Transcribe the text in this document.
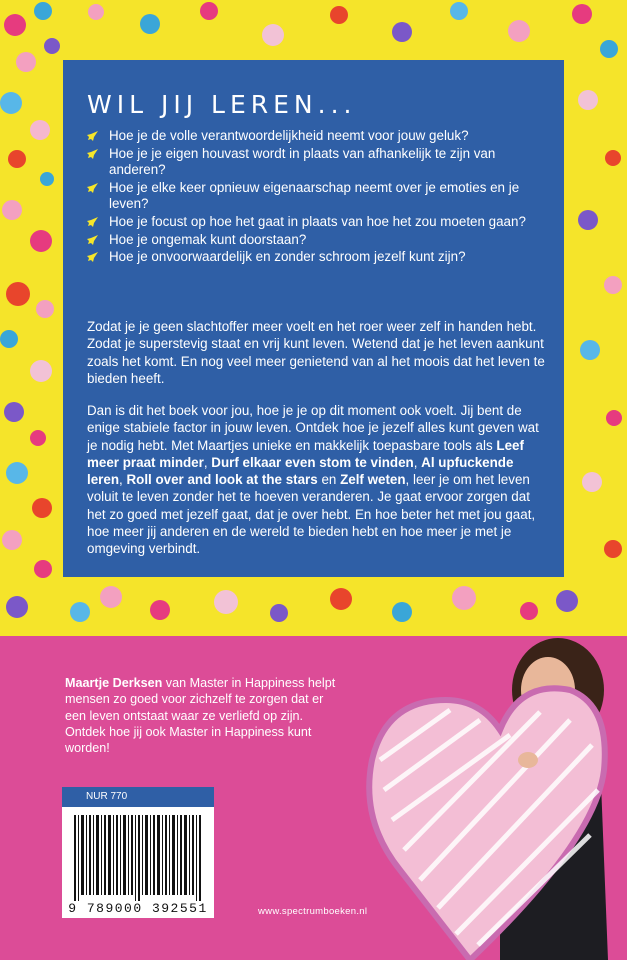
WIL JIJ LEREN...
Hoe je de volle verantwoordelijkheid neemt voor jouw geluk?
Hoe je je eigen houvast wordt in plaats van afhankelijk te zijn van anderen?
Hoe je elke keer opnieuw eigenaarschap neemt over je emoties en je leven?
Hoe je focust op hoe het gaat in plaats van hoe het zou moeten gaan?
Hoe je ongemak kunt doorstaan?
Hoe je onvoorwaardelijk en zonder schroom jezelf kunt zijn?

Zodat je je geen slachtoffer meer voelt en het roer weer zelf in handen hebt. Zodat je superstevig staat en vrij kunt leven. Wetend dat je het leven aankunt zoals het komt. En nog veel meer genietend van al het moois dat het leven te bieden heeft.

Dan is dit het boek voor jou, hoe je je op dit moment ook voelt. Jij bent de enige stabiele factor in jouw leven. Ontdek hoe je jezelf alles kunt geven wat je nodig hebt. Met Maartjes unieke en makkelijk toepasbare tools als Leef meer praat minder, Durf elkaar even stom te vinden, Al upfuckende leren, Roll over and look at the stars en Zelf weten, leer je om het leven voluit te leven zonder het te hoeven veranderen. Je gaat ervoor zorgen dat het zo goed met jezelf gaat, dat je over hebt. En hoe beter het met jou gaat, hoe meer jij anderen en de wereld te bieden hebt en hoe meer je met je omgeving verbindt.

Maartje Derksen van Master in Happiness helpt mensen zo goed voor zichzelf te zorgen dat er een leven ontstaat waar ze verliefd op zijn. Ontdek hoe jij ook Master in Happiness kunt worden!

NUR 770
9 789000 392551	www.spectrumboeken.nl
